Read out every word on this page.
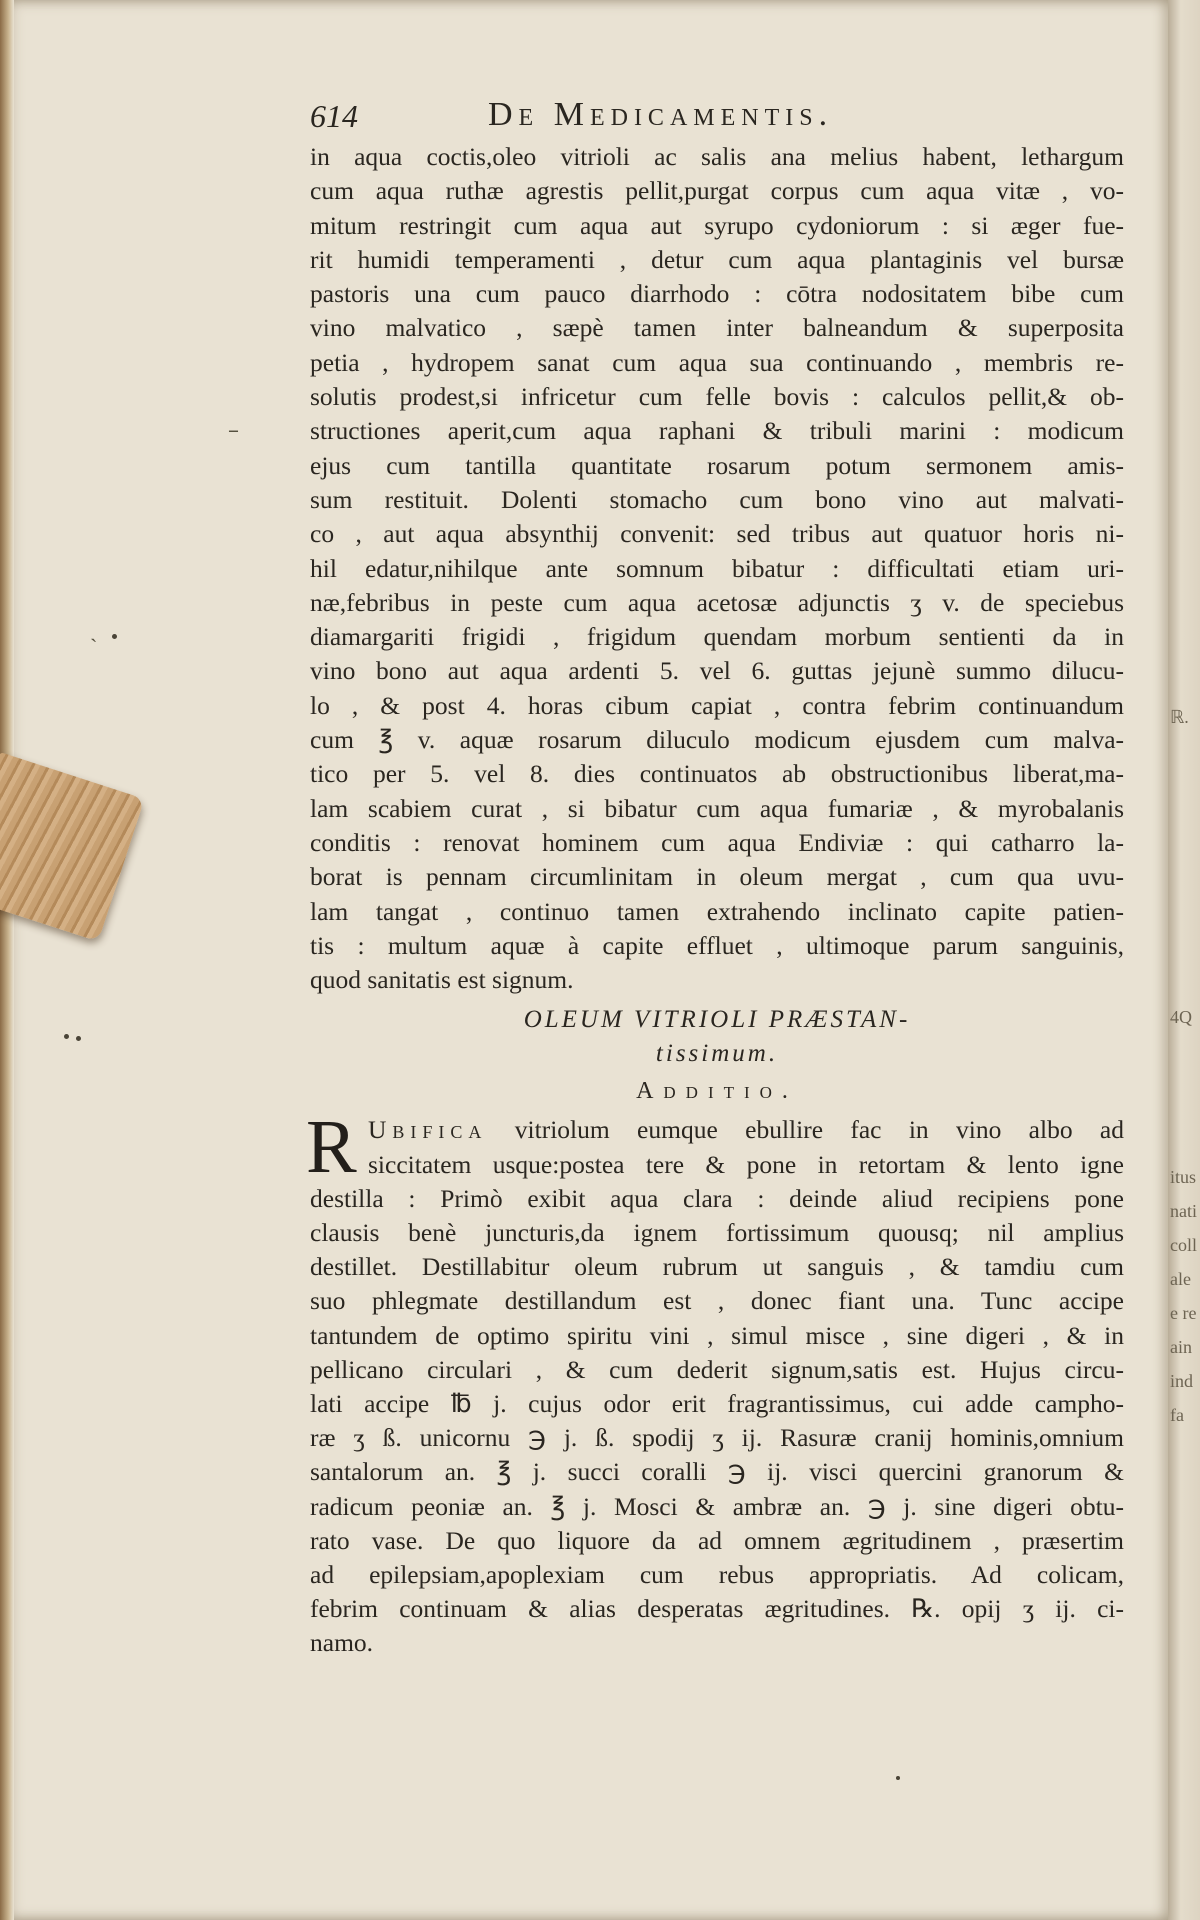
–
ˏ
614	De Medicamentis.

in aqua coctis,oleo vitrioli ac salis ana melius habent, lethargum

cum aqua ruthæ agrestis pellit,purgat corpus cum aqua vitæ , vo-

mitum restringit cum aqua aut syrupo cydoniorum : si æger fue-

rit humidi temperamenti , detur cum aqua plantaginis vel bursæ

pastoris una cum pauco diarrhodo : cōtra nodositatem bibe cum

vino malvatico , sæpè tamen inter balneandum & superposita

petia , hydropem sanat cum aqua sua continuando , membris re-

solutis prodest,si infricetur cum felle bovis : calculos pellit,& ob-

structiones aperit,cum aqua raphani & tribuli marini : modicum

ejus cum tantilla quantitate rosarum potum sermonem amis-

sum restituit. Dolenti stomacho cum bono vino aut malvati-

co , aut aqua absynthij convenit: sed tribus aut quatuor horis ni-

hil edatur,nihilque ante somnum bibatur : difficultati etiam uri-

næ,febribus in peste cum aqua acetosæ adjunctis ʒ v. de speciebus

diamargariti frigidi , frigidum quendam morbum sentienti da in

vino bono aut aqua ardenti 5. vel 6. guttas jejunè summo dilucu-

lo , & post 4. horas cibum capiat , contra febrim continuandum

cum ℥ v. aquæ rosarum diluculo modicum ejusdem cum malva-

tico per 5. vel 8. dies continuatos ab obstructionibus liberat,ma-

lam scabiem curat , si bibatur cum aqua fumariæ , & myrobalanis

conditis : renovat hominem cum aqua Endiviæ : qui catharro la-

borat is pennam circumlinitam in oleum mergat , cum qua uvu-

lam tangat , continuo tamen extrahendo inclinato capite patien-

tis : multum aquæ à capite effluet , ultimoque parum sanguinis,

quod sanitatis est signum.

OLEUM VITRIOLI PRÆSTAN-
tissimum.
Additio.
R Ubifica vitriolum eumque ebullire fac in vino albo ad

siccitatem usque:postea tere & pone in retortam & lento igne

destilla : Primò exibit aqua clara : deinde aliud recipiens pone

clausis benè juncturis,da ignem fortissimum quousq; nil amplius

destillet. Destillabitur oleum rubrum ut sanguis , & tamdiu cum

suo phlegmate destillandum est , donec fiant una. Tunc accipe

tantundem de optimo spiritu vini , simul misce , sine digeri , & in

pellicano circulari , & cum dederit signum,satis est. Hujus circu-

lati accipe ℔ j. cujus odor erit fragrantissimus, cui adde campho-

ræ ʒ ß. unicornu ℈ j. ß. spodij ʒ ij. Rasuræ cranij hominis,omnium

santalorum an. ℥ j. succi coralli ℈ ij. visci quercini granorum &

radicum peoniæ an. ℥ j. Mosci & ambræ an. ℈ j. sine digeri obtu-

rato vase. De quo liquore da ad omnem ægritudinem , præsertim

ad epilepsiam,apoplexiam cum rebus appropriatis. Ad colicam,

febrim continuam & alias desperatas ægritudines. ℞. opij ʒ ij. ci-

namo.

ℝ.
itus
nati
coll
ale
e re
ain
ind
fa
4Q
